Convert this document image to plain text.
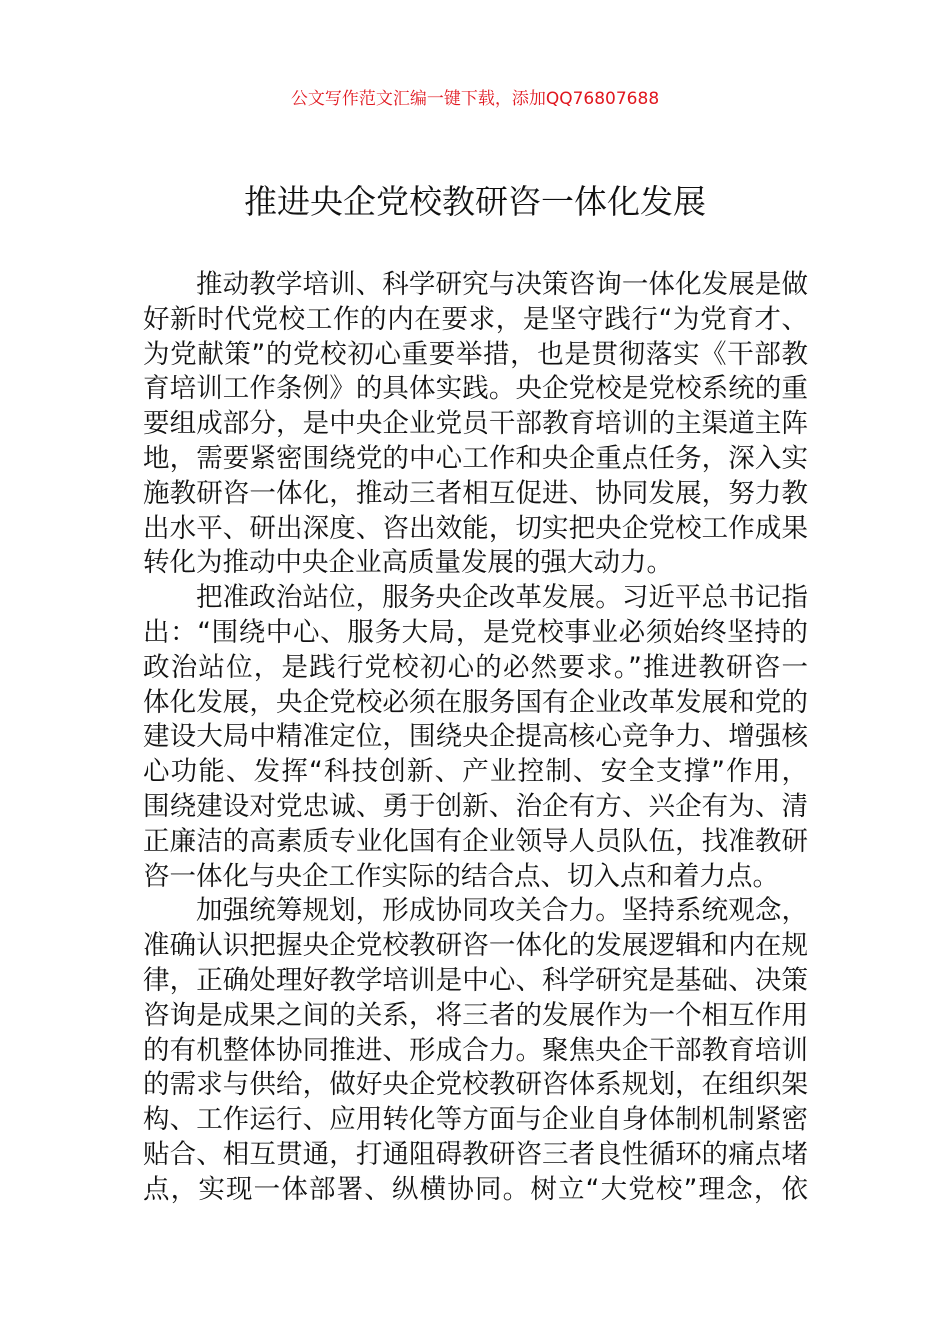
公文写作范文汇编一键下载，添加QQ76807688
推进央企党校教研咨一体化发展
推动教学培训、科学研究与决策咨询一体化发展是做
好新时代党校工作的内在要求，是坚守践行“为党育才、
为党献策”的党校初心重要举措，也是贯彻落实《干部教
育培训工作条例》的具体实践。央企党校是党校系统的重
要组成部分，是中央企业党员干部教育培训的主渠道主阵
地，需要紧密围绕党的中心工作和央企重点任务，深入实
施教研咨一体化，推动三者相互促进、协同发展，努力教
出水平、研出深度、咨出效能，切实把央企党校工作成果
转化为推动中央企业高质量发展的强大动力。
把准政治站位，服务央企改革发展。习近平总书记指
出：“围绕中心、服务大局，是党校事业必须始终坚持的
政治站位，是践行党校初心的必然要求。”推进教研咨一
体化发展，央企党校必须在服务国有企业改革发展和党的
建设大局中精准定位，围绕央企提高核心竞争力、增强核
心功能、发挥“科技创新、产业控制、安全支撑”作用，
围绕建设对党忠诚、勇于创新、治企有方、兴企有为、清
正廉洁的高素质专业化国有企业领导人员队伍，找准教研
咨一体化与央企工作实际的结合点、切入点和着力点。
加强统筹规划，形成协同攻关合力。坚持系统观念，
准确认识把握央企党校教研咨一体化的发展逻辑和内在规
律，正确处理好教学培训是中心、科学研究是基础、决策
咨询是成果之间的关系，将三者的发展作为一个相互作用
的有机整体协同推进、形成合力。聚焦央企干部教育培训
的需求与供给，做好央企党校教研咨体系规划，在组织架
构、工作运行、应用转化等方面与企业自身体制机制紧密
贴合、相互贯通，打通阻碍教研咨三者良性循环的痛点堵
点，实现一体部署、纵横协同。树立“大党校”理念，依
